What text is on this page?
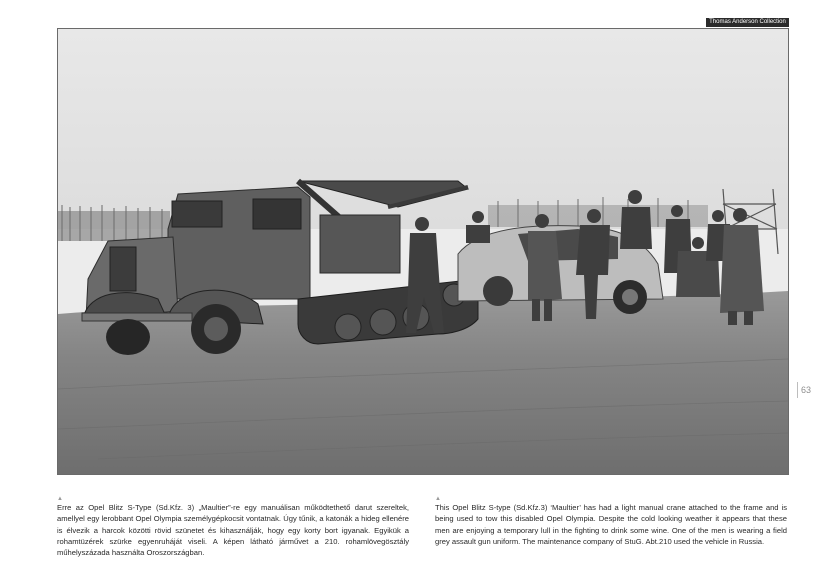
Thomas Anderson Collection
63
▲
Erre az Opel Blitz S-Type (Sd.Kfz. 3) „Maultier”-re egy manuálisan működtethető darut szereltek, amellyel egy lerobbant Opel Olympia személygépkocsit vontatnak. Úgy tűnik, a katonák a hideg ellenére is élvezik a harcok közötti rövid szünetet és kihasználják, hogy egy korty bort igyanak. Egyikük a rohamtüzérek szürke egyenruháját viseli. A képen látható járművet a 210. rohamlövegösztály műhelyszázada használta Oroszországban.
▲
This Opel Blitz S-type (Sd.Kfz.3) ‘Maultier’ has had a light manual crane attached to the frame and is being used to tow this disabled Opel Olympia. Despite the cold looking weather it appears that these men are enjoying a temporary lull in the fighting to drink some wine. One of the men is wearing a field grey assault gun uniform. The maintenance company of StuG. Abt.210 used the vehicle in Russia.
